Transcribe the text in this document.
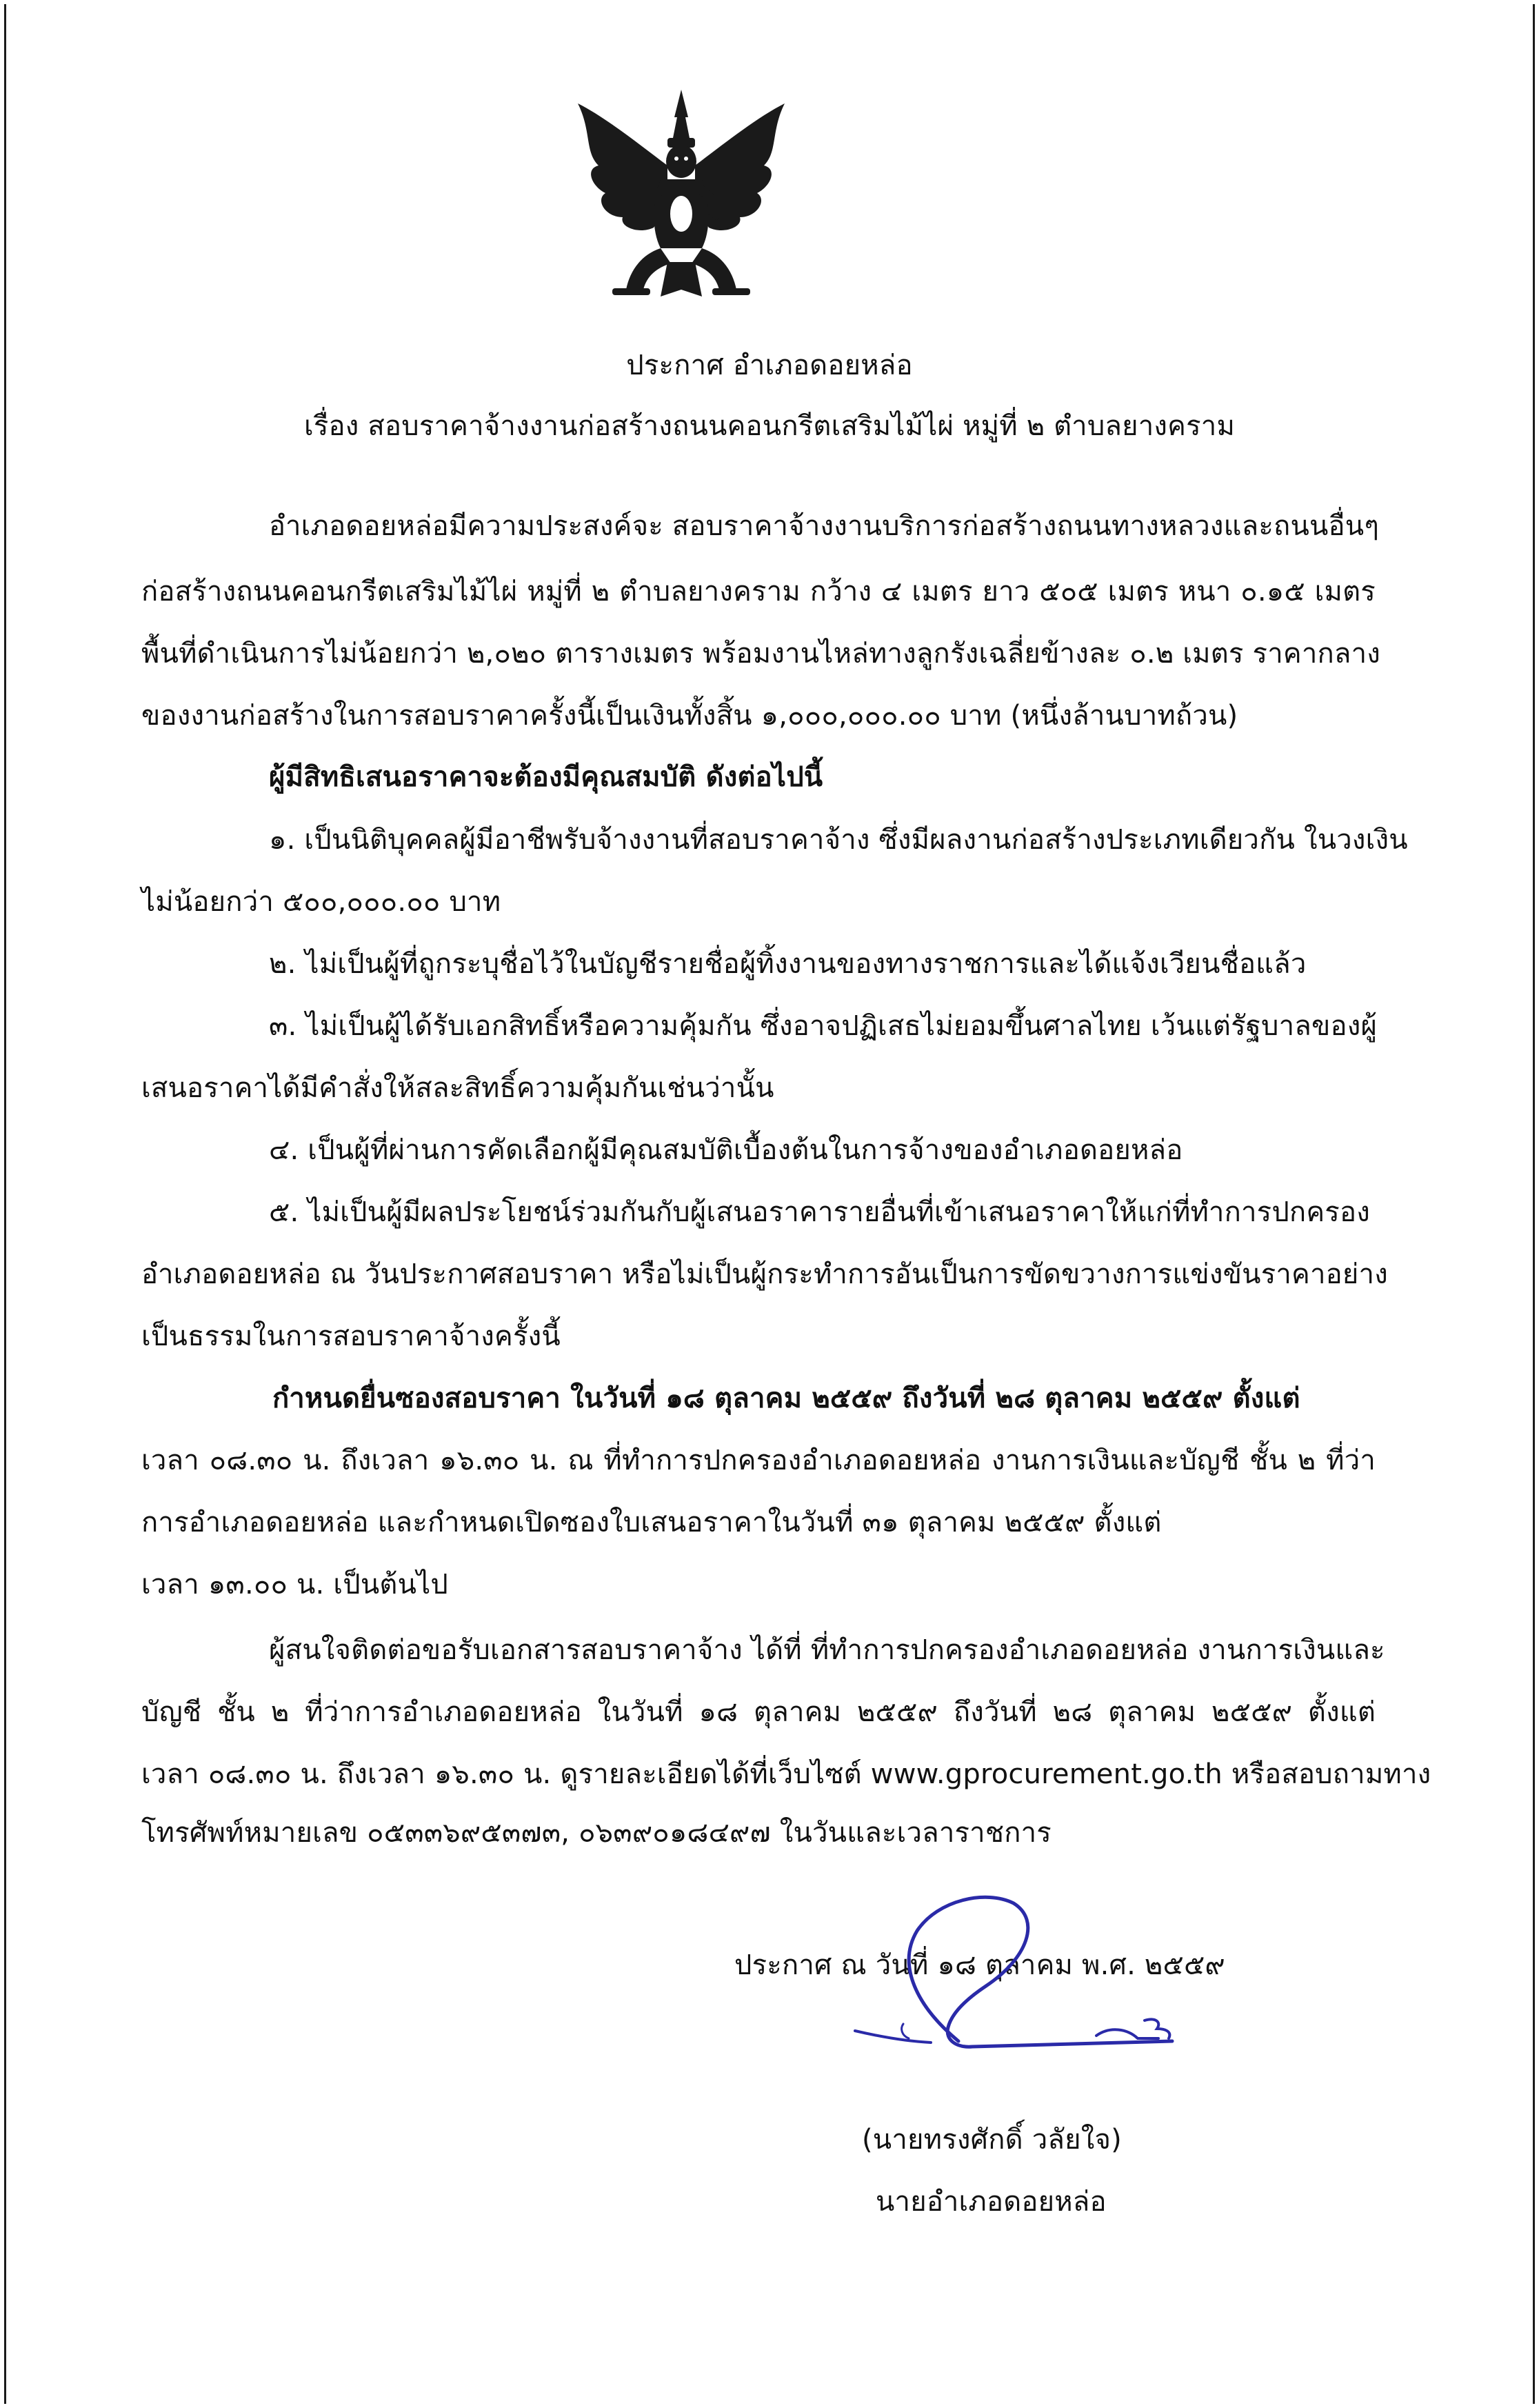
ประกาศ อำเภอดอยหล่อ
เรื่อง สอบราคาจ้างงานก่อสร้างถนนคอนกรีตเสริมไม้ไผ่ หมู่ที่ ๒ ตำบลยางคราม
อำเภอดอยหล่อมีความประสงค์จะ สอบราคาจ้างงานบริการก่อสร้างถนนทางหลวงและถนนอื่นๆ
ก่อสร้างถนนคอนกรีตเสริมไม้ไผ่ หมู่ที่ ๒ ตำบลยางคราม กว้าง ๔ เมตร ยาว ๕๐๕ เมตร หนา ๐.๑๕ เมตร
พื้นที่ดำเนินการไม่น้อยกว่า ๒,๐๒๐ ตารางเมตร พร้อมงานไหล่ทางลูกรังเฉลี่ยข้างละ ๐.๒ เมตร ราคากลาง
ของงานก่อสร้างในการสอบราคาครั้งนี้เป็นเงินทั้งสิ้น ๑,๐๐๐,๐๐๐.๐๐ บาท (หนึ่งล้านบาทถ้วน)
ผู้มีสิทธิเสนอราคาจะต้องมีคุณสมบัติ ดังต่อไปนี้
๑. เป็นนิติบุคคลผู้มีอาชีพรับจ้างงานที่สอบราคาจ้าง ซึ่งมีผลงานก่อสร้างประเภทเดียวกัน ในวงเงิน
ไม่น้อยกว่า ๕๐๐,๐๐๐.๐๐ บาท
๒. ไม่เป็นผู้ที่ถูกระบุชื่อไว้ในบัญชีรายชื่อผู้ทิ้งงานของทางราชการและได้แจ้งเวียนชื่อแล้ว
๓. ไม่เป็นผู้ได้รับเอกสิทธิ์หรือความคุ้มกัน ซึ่งอาจปฏิเสธไม่ยอมขึ้นศาลไทย เว้นแต่รัฐบาลของผู้
เสนอราคาได้มีคำสั่งให้สละสิทธิ์ความคุ้มกันเช่นว่านั้น
๔. เป็นผู้ที่ผ่านการคัดเลือกผู้มีคุณสมบัติเบื้องต้นในการจ้างของอำเภอดอยหล่อ
๕. ไม่เป็นผู้มีผลประโยชน์ร่วมกันกับผู้เสนอราคารายอื่นที่เข้าเสนอราคาให้แก่ที่ทำการปกครอง
อำเภอดอยหล่อ ณ วันประกาศสอบราคา หรือไม่เป็นผู้กระทำการอันเป็นการขัดขวางการแข่งขันราคาอย่าง
เป็นธรรมในการสอบราคาจ้างครั้งนี้
กำหนดยื่นซองสอบราคา ในวันที่ ๑๘ ตุลาคม ๒๕๕๙ ถึงวันที่ ๒๘ ตุลาคม ๒๕๕๙ ตั้งแต่
เวลา ๐๘.๓๐ น. ถึงเวลา ๑๖.๓๐ น. ณ ที่ทำการปกครองอำเภอดอยหล่อ งานการเงินและบัญชี ชั้น ๒ ที่ว่า
การอำเภอดอยหล่อ และกำหนดเปิดซองใบเสนอราคาในวันที่ ๓๑ ตุลาคม ๒๕๕๙ ตั้งแต่
เวลา ๑๓.๐๐ น. เป็นต้นไป
ผู้สนใจติดต่อขอรับเอกสารสอบราคาจ้าง ได้ที่ ที่ทำการปกครองอำเภอดอยหล่อ งานการเงินและ
บัญชี ชั้น ๒ ที่ว่าการอำเภอดอยหล่อ ในวันที่ ๑๘ ตุลาคม ๒๕๕๙ ถึงวันที่ ๒๘ ตุลาคม ๒๕๕๙ ตั้งแต่
เวลา ๐๘.๓๐ น. ถึงเวลา ๑๖.๓๐ น. ดูรายละเอียดได้ที่เว็บไซต์ www.gprocurement.go.th หรือสอบถามทาง
โทรศัพท์หมายเลข ๐๕๓๓๖๙๕๓๗๓, ๐๖๓๙๐๑๘๔๙๗ ในวันและเวลาราชการ
ประกาศ ณ วันที่ ๑๘ ตุลาคม พ.ศ. ๒๕๕๙
(นายทรงศักดิ์ วลัยใจ)
นายอำเภอดอยหล่อ
